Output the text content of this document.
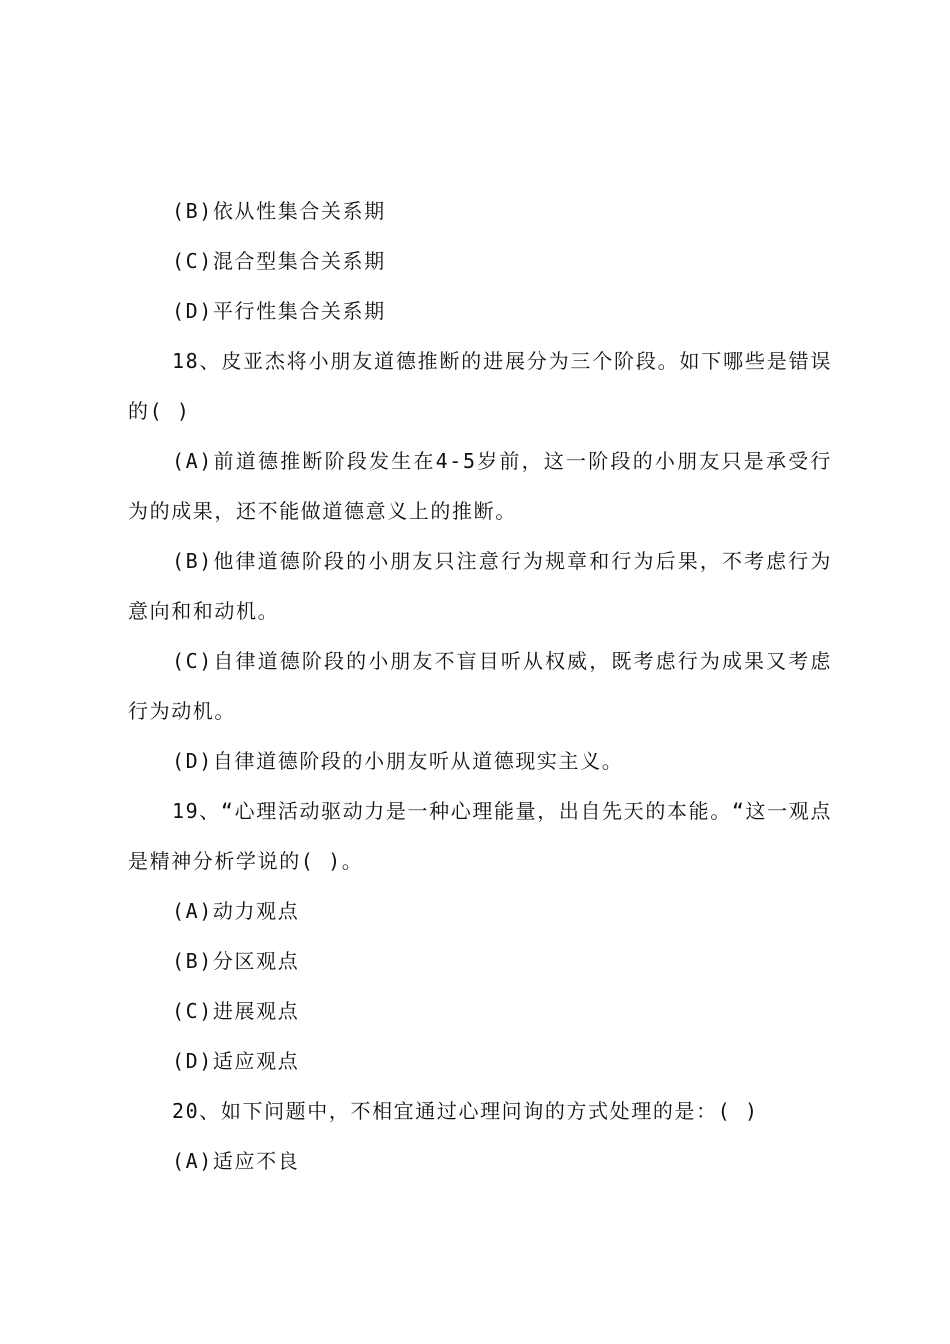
(B)依从性集合关系期

(C)混合型集合关系期

(D)平行性集合关系期

18、皮亚杰将小朋友道德推断的进展分为三个阶段。如下哪些是错误的( )

(A)前道德推断阶段发生在4-5岁前，这一阶段的小朋友只是承受行为的成果，还不能做道德意义上的推断。

(B)他律道德阶段的小朋友只注意行为规章和行为后果，不考虑行为意向和和动机。

(C)自律道德阶段的小朋友不盲目听从权威，既考虑行为成果又考虑行为动机。

(D)自律道德阶段的小朋友听从道德现实主义。

19、“心理活动驱动力是一种心理能量，出自先天的本能。“这一观点是精神分析学说的( )。

(A)动力观点

(B)分区观点

(C)进展观点

(D)适应观点

20、如下问题中，不相宜通过心理问询的方式处理的是：( )

(A)适应不良
